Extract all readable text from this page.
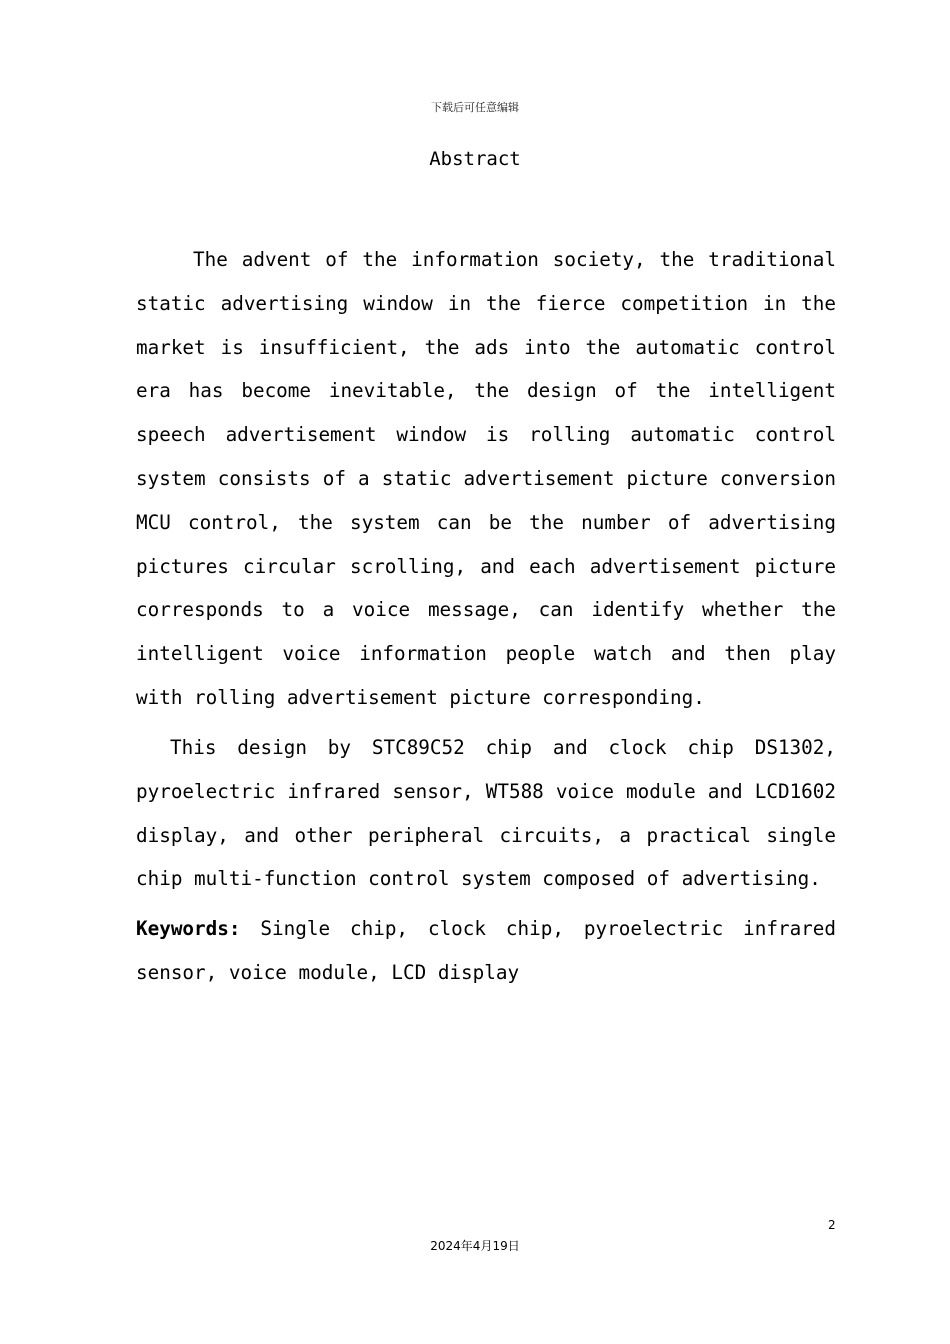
下载后可任意编辑
Abstract

The advent of the information society, the traditional static advertising window in the fierce competition in the market is insufficient, the ads into the automatic control era has become inevitable, the design of the intelligent speech advertisement window is rolling automatic control system consists of a static advertisement picture conversion MCU control, the system can be the number of advertising pictures circular scrolling, and each advertisement picture corresponds to a voice message, can identify whether the intelligent voice information people watch and then play with rolling advertisement picture corresponding.

This design by STC89C52 chip and clock chip DS1302, pyroelectric infrared sensor, WT588 voice module and LCD1602 display, and other peripheral circuits, a practical single chip multi-function control system composed of advertising.

Keywords: Single chip, clock chip, pyroelectric infrared sensor, voice module, LCD display

2
2024年4月19日
